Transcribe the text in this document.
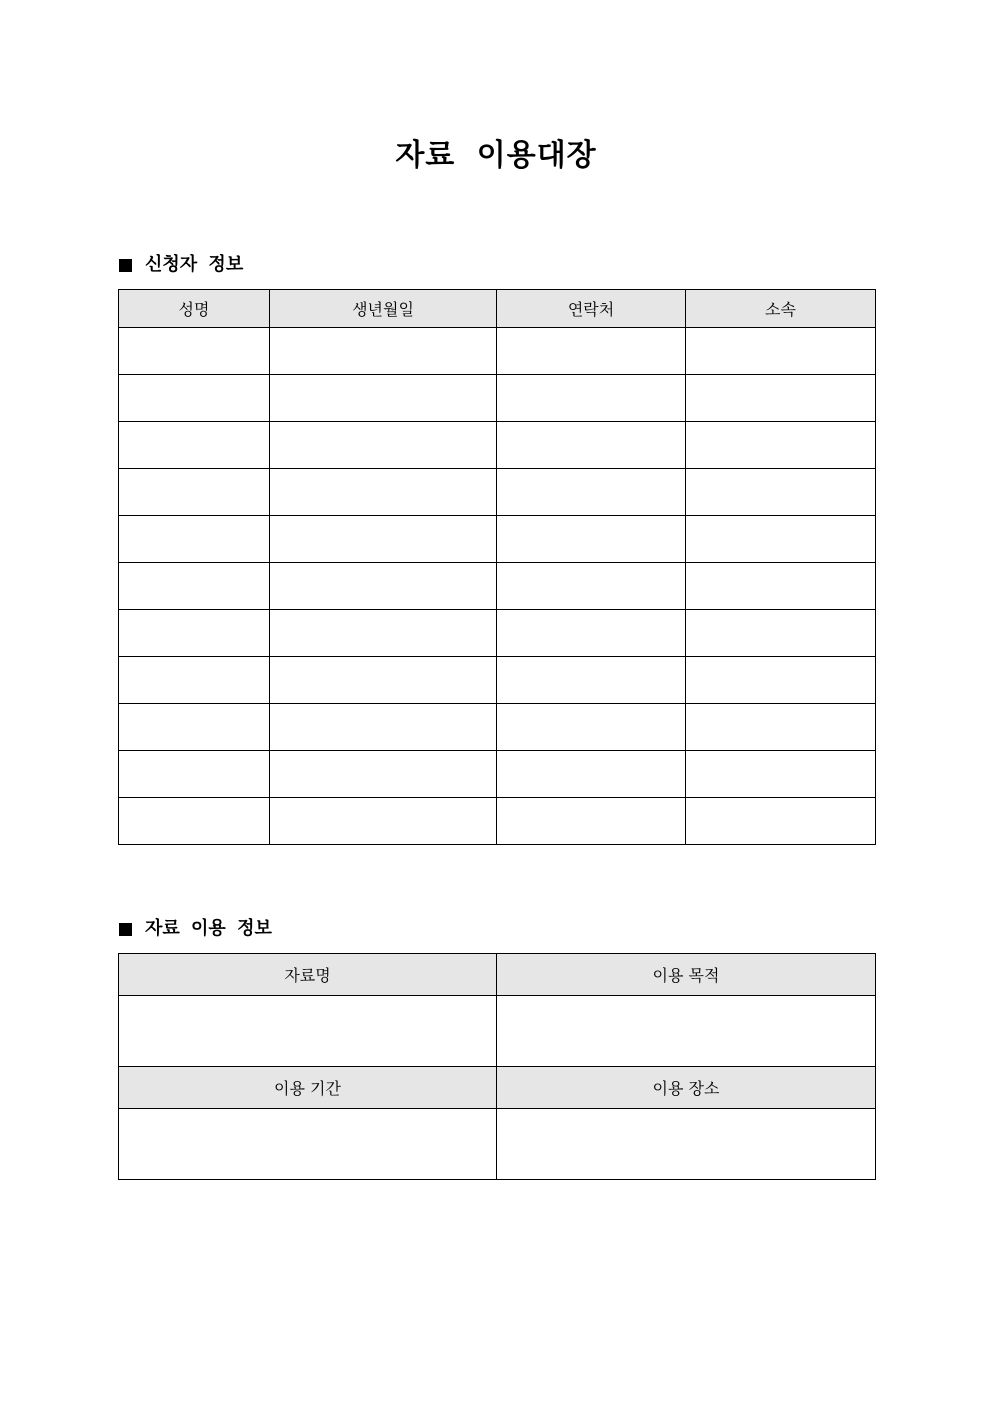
자료 이용대장
신청자 정보
성명	생년월일	연락처	소속

자료 이용 정보
자료명	이용 목적

이용 기간	이용 장소
